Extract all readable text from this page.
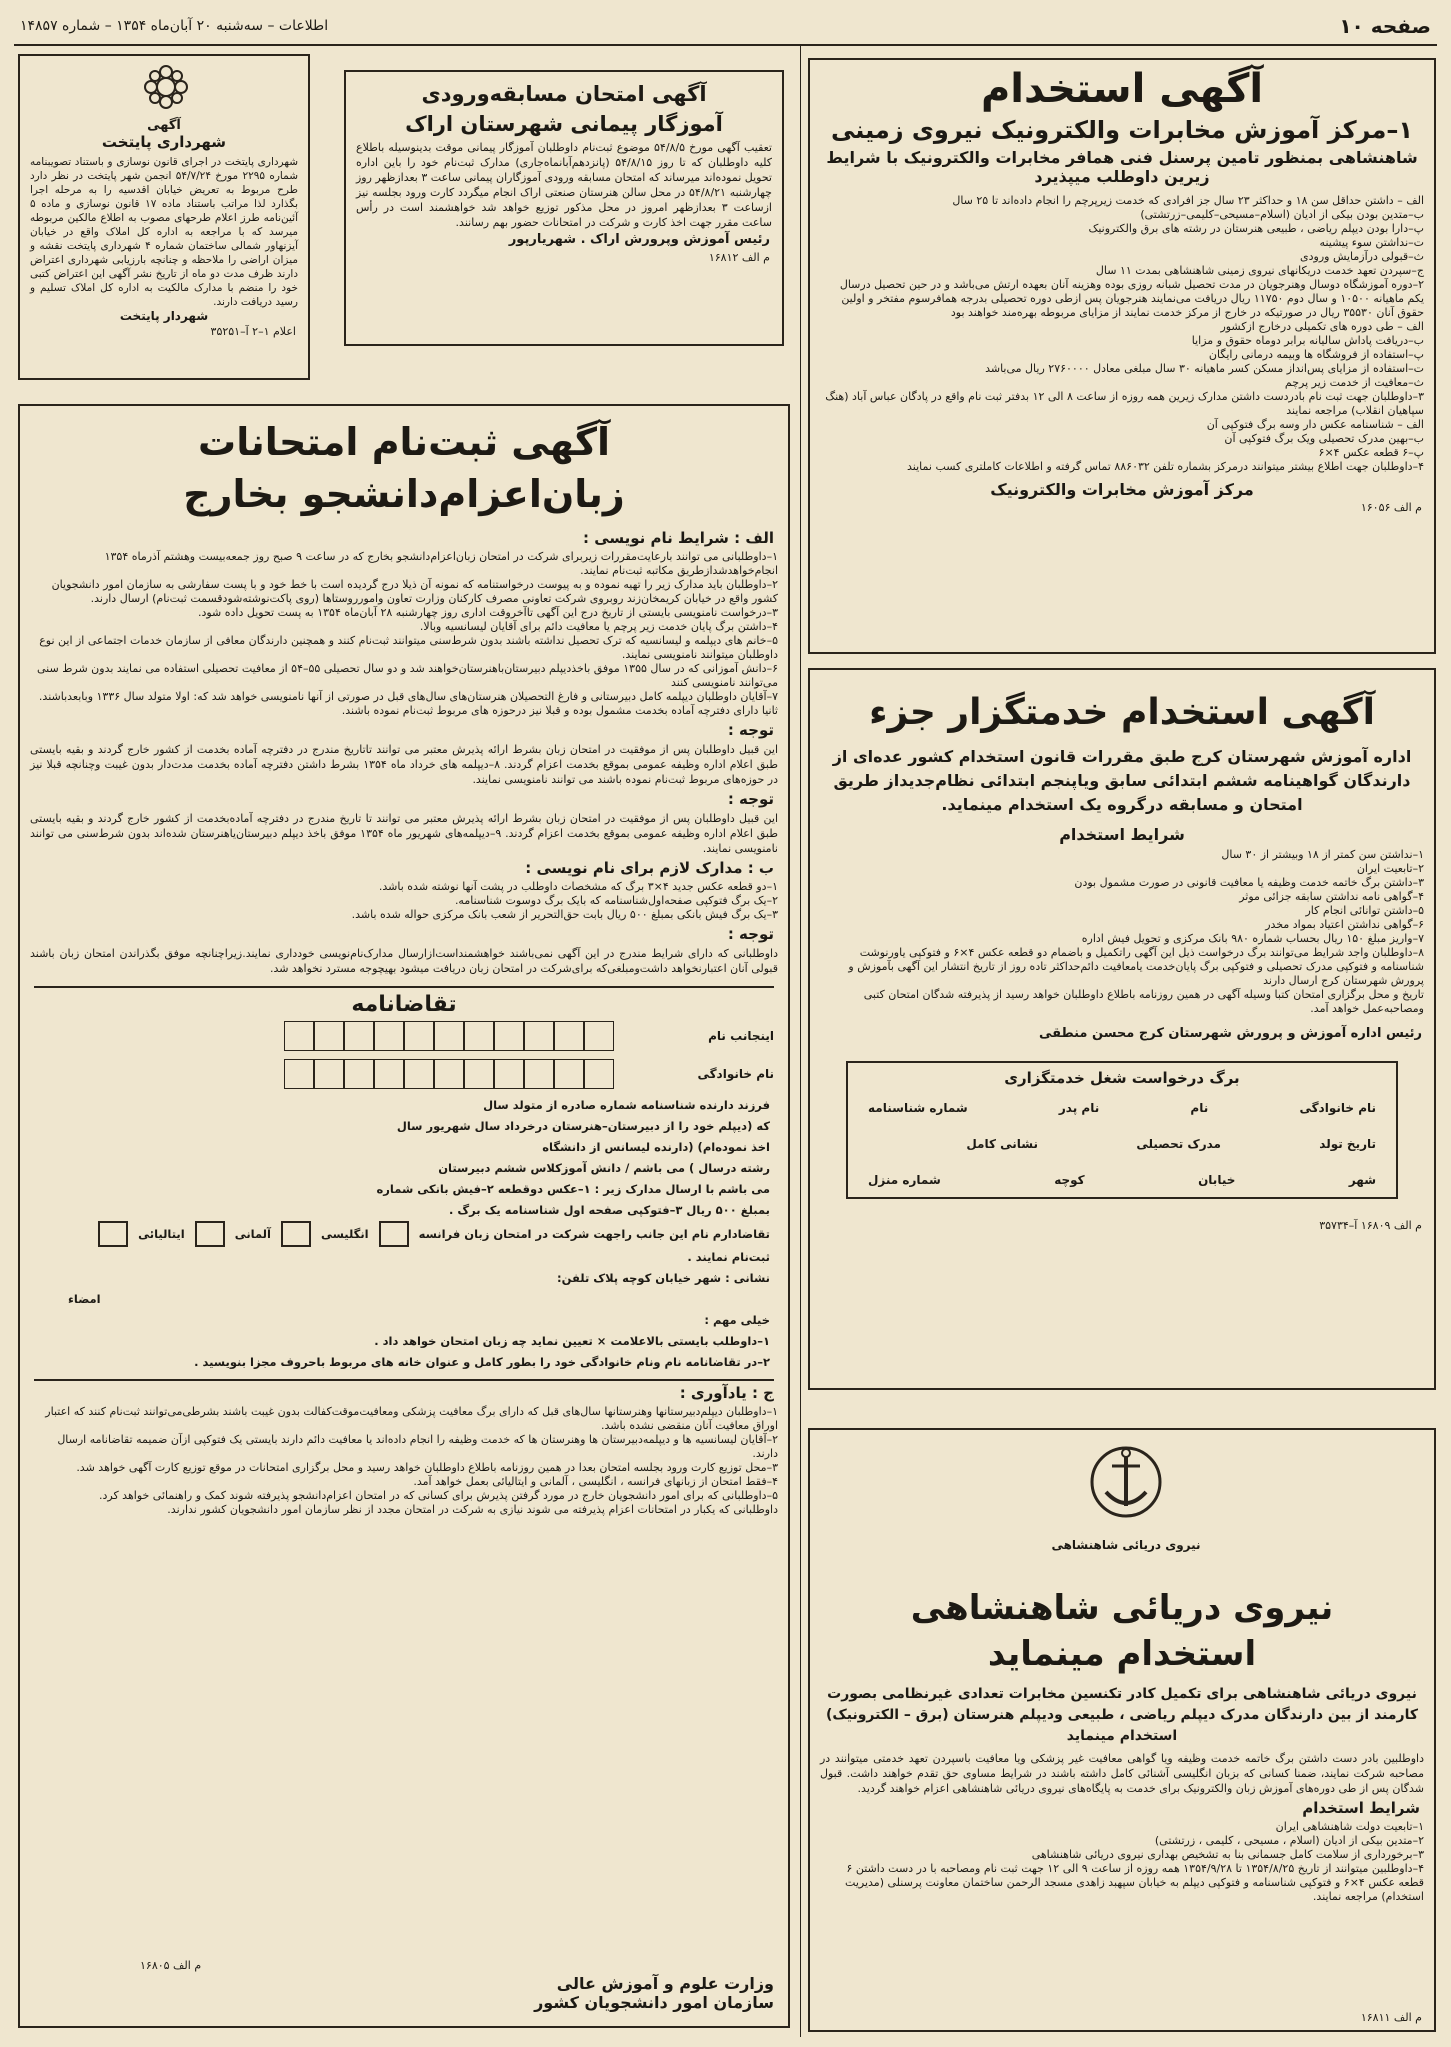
صفحه ۱۰
اطلاعات – سه‌شنبه ۲۰ آبان‌ماه ۱۳۵۴ – شماره ۱۴۸۵۷
آگهی استخدام
۱–مرکز آموزش مخابرات والکترونیک نیروی زمینی
شاهنشاهی بمنظور تامین پرسنل فنی هما‌فر مخابرات والکترونیک با شرایط زیرین داوطلب میپذیرد
الف – داشتن حداقل سن ۱۸ و حداکثر ۲۳ سال جز افرادی که خدمت زیرپرچم را انجام داده‌اند تا ۲۵ سال
ب–متدین بودن بیکی از ادیان (اسلام–مسیحی–کلیمی–زرتشتی)
پ–دارا بودن دیپلم ریاضی ، طبیعی هنرستان در رشته های برق والکترونیک
ت–نداشتن سوء پیشینه
ث–قبولی درآزمایش ورودی
ج–سپردن تعهد خدمت دریکانهای نیروی زمینی شاهنشاهی بمدت ۱۱ سال
۲–دوره آموزشگاه دوسال وهنرجویان در مدت تحصیل شبانه روزی بوده وهزینه آنان بعهده ارتش می‌باشد و در حین تحصیل درسال یکم ماهیانه ۱۰۵۰۰ و سال دوم ۱۱۷۵۰ ریال دریافت می‌نمایند هنرجویان پس ازطی دوره تحصیلی بدرجه هما‌فرسوم مفتخر و اولین حقوق آنان ۳۵۵۳۰ ریال در صورتیکه در خارج از مرکز خدمت نمایند از مزایای مربوطه بهره‌مند خواهند بود
الف – طی دوره های تکمیلی درخارج ازکشور
ب–دریافت پاداش سالیانه برابر دوماه حقوق و مزایا
پ–استفاده از فروشگاه ها وبیمه درمانی رایگان
ت–استفاده از مزایای پس‌انداز مسکن کسر ماهیانه ۳۰ سال مبلغی معادل ۲۷۶۰۰۰۰ ریال می‌باشد
ث–معافیت از خدمت زیر پرچم
۳–داوطلبان جهت ثبت نام بادردست داشتن مدارک زیرین همه روزه از ساعت ۸ الی ۱۲ بدفتر ثبت نام واقع در پادگان عباس آباد (هنگ سپاهیان انقلاب) مراجعه نمایند
الف – شناسنامه عکس دار وسه برگ فتوکپی آن
ب–بهین مدرک تحصیلی ویک برگ فتوکپی آن
پ–۶ قطعه عکس ۴×۶
۴–داوطلبان جهت اطلاع بیشتر میتوانند درمرکز بشماره تلفن ۸۸۶۰۳۲ تماس گرفته و اطلاعات کاملتری کسب نمایند
مرکز آموزش مخابرات والکترونیک
م الف ۱۶۰۵۶
آگهی استخدام خدمتگزار جزء
اداره آموزش شهرستان کرج طبق مقررات قانون استخدام کشور عده‌ای از دارندگان گواهینامه ششم ابتدائی سابق ویاپنجم ابتدائی نظام‌جدیداز طریق امتحان و مسابقه درگروه یک استخدام مینماید.
شرایط استخدام
۱–نداشتن سن کمتر از ۱۸ وبیشتر از ۳۰ سال
۲–تابعیت ایران
۳–داشتن برگ خاتمه خدمت وظیفه یا معافیت قانونی در صورت مشمول بودن
۴–گواهی نامه نداشتن سابقه جزائی موثر
۵–داشتن توانائی انجام کار
۶–گواهی نداشتن اعتیاد بمواد مخدر
۷–واریز مبلغ ۱۵۰ ریال بحساب شماره ۹۸۰ بانک مرکزی و تحویل فیش اداره
۸–داوطلبان واجد شرایط می‌توانند برگ درخواست ذیل این آگهی راتکمیل و باضمام دو قطعه عکس ۴×۶ و فتوکپی یاورنوشت شناسنامه و فتوکپی مدرک تحصیلی و فتوکپی برگ پایان‌خدمت یامعافیت دائم‌حداکثر تاده روز از تاریخ انتشار این آگهی بآموزش و پرورش شهرستان کرج ارسال دارند
تاریخ و محل برگزاری امتحان کتبا وسیله آگهی در همین روزنامه باطلاع داوطلبان خواهد رسید از پذیرفته شدگان امتحان کتبی ومصاحبه‌عمل خواهد آمد.
رئیس اداره آموزش و پرورش شهرستان کرج محسن منطقی
برگ درخواست شغل خدمتگزاری
نام خانوادگی
نام
نام پدر
شماره شناسنامه
تاریخ تولد
مدرک تحصیلی
نشانی کامل
شهر
خیابان
کوچه
شماره منزل
م الف ۱۶۸۰۹ آ–۳۵۷۳۴
نیروی دریائی شاهنشاهی
نیروی دریائی شاهنشاهی
استخدام مینماید
نیروی دریائی شاهنشاهی برای تکمیل کادر تکنسین مخابرات تعدادی غیرنظامی بصورت کارمند از بین دارندگان مدرک دیپلم ریاضی ، طبیعی ودیپلم هنرستان (برق – الکترونیک) استخدام مینماید
داوطلبین بادر دست داشتن برگ خاتمه خدمت وظیفه ویا گواهی معافیت غیر پزشکی ویا معافیت باسپردن تعهد خدمتی میتوانند در مصاحبه شرکت نمایند، ضمنا کسانی که بزبان انگلیسی آشنائی کامل داشته باشند در شرایط مساوی حق تقدم خواهند داشت. قبول شدگان پس از طی دوره‌های آموزش زبان والکترونیک برای خدمت به پایگاه‌های نیروی دریائی شاهنشاهی اعزام خواهند گردید.
شرایط استخدام
۱–تابعیت دولت شاهنشاهی ایران
۲–متدین بیکی از ادیان (اسلام ، مسیحی ، کلیمی ، زرتشتی)
۳–برخورداری از سلامت کامل جسمانی بنا به تشخیص بهداری نیروی دریائی شاهنشاهی
۴–داوطلبین میتوانند از تاریخ ۱۳۵۴/۸/۲۵ تا ۱۳۵۴/۹/۲۸ همه روزه از ساعت ۹ الی ۱۲ جهت ثبت نام ومصاحبه با در دست داشتن ۶ قطعه عکس ۴×۶ و فتوکپی شناسنامه و فتوکپی دیپلم به خیابان سپهبد زاهدی مسجد الرحمن ساختمان معاونت پرسنلی (مدیریت استخدام) مراجعه نمایند.
م الف ۱۶۸۱۱
آگهی امتحان مسابقه‌ورودی
آموزگار پیمانی شهرستان اراک
تعقیب آگهی مورخ ۵۴/۸/۵ موضوع ثبت‌نام داوطلبان آموزگار پیمانی موقت بدینوسیله باطلاع کلیه داوطلبان که تا روز ۵۴/۸/۱۵ (پانزدهم‌آبانماه‌جاری) مدارک ثبت‌نام خود را باین اداره تحویل نموده‌اند میرساند که امتحان مسابقه ورودی آموزگاران پیمانی ساعت ۳ بعدازظهر روز چهارشنبه ۵۴/۸/۲۱ در محل سالن هنرستان صنعتی اراک انجام میگردد کارت ورود بجلسه نیز ازساعت ۳ بعدازظهر امروز در محل مذکور توزیع خواهد شد خواهشمند است در رأس ساعت مقرر جهت اخذ کارت و شرکت در امتحانات حضور بهم رسانند.
رئیس آموزش وپرورش اراک . شهریارپور
م الف ۱۶۸۱۲
آگهی
شهرداری پایتخت
شهرداری پایتخت در اجرای قانون نوسازی و باستناد تصویبنامه شماره ۲۲۹۵ مورخ ۵۴/۷/۲۴ انجمن شهر پایتخت در نظر دارد طرح مربوط به تعریض خیابان اقدسیه را به مرحله اجرا بگذارد لذا مراتب باستناد ماده ۱۷ قانون نوسازی و ماده ۵ آئین‌نامه طرز اعلام طرحهای مصوب به اطلاع مالکین مربوطه میرسد که با مراجعه به اداره کل املاک واقع در خیابان آیزنهاور شمالی ساختمان شماره ۴ شهرداری پایتخت نقشه و میزان اراضی را ملاحظه و چنانچه بارزیابی شهرداری اعتراض دارند ظرف مدت دو ماه از تاریخ نشر آگهی این اعتراض کتبی خود را منضم با مدارک مالکیت به اداره کل املاک تسلیم و رسید دریافت دارند.
شهردار پایتخت
اعلام ۱–۲ آ–۳۵۲۵۱
آگهی ثبت‌نام امتحانات
زبان‌اعزام‌دانشجو بخارج
الف : شرایط نام نویسی :
۱–داوطلبانی می توانند بارعایت‌مقررات زیربرای شرکت در امتحان زبان‌اعزام‌دانشجو بخارج که در ساعت ۹ صبح روز جمعه‌بیست وهشتم آذرماه ۱۳۵۴ انجام‌خواهد‌شد‌ازطریق مکاتبه ثبت‌نام نمایند.
۲–داوطلبان باید مدارک زیر را تهیه نموده و به پیوست درخواستنامه که نمونه آن ذیلا درج گردیده است با خط خود و با پست سفارشی به سازمان امور دانشجویان کشور واقع در خیابان کریمخان‌زند روبروی شرکت تعاونی مصرف کارکنان وزارت تعاون وامورروستاها (روی پاکت‌نوشته‌شود‌قسمت ثبت‌نام) ارسال دارند.
۳–درخواست نامنویسی بایستی از تاریخ درج این آگهی تاآخروقت اداری روز چهارشنبه ۲۸ آبان‌ماه ۱۳۵۴ به پست تحویل داده شود.
۴–داشتن برگ پایان خدمت زیر پرچم یا معافیت دائم برای آقایان لیسانسیه وبالا.
۵–خانم های دیپلمه و لیسانسیه که ترک تحصیل نداشته باشند بدون شرط‌سنی میتوانند ثبت‌نام کنند و همچنین دارندگان معافی از سازمان خدمات اجتماعی از این نوع داوطلبان میتوانند نامنویسی نمایند.
۶–دانش آموزانی که در سال ۱۳۵۵ موفق باخذدیپلم دبیرستان‌باهنرستان‌خواهند شد و دو سال تحصیلی ۵۵–۵۴ از معافیت تحصیلی استفاده می نمایند بدون شرط سنی می‌توانند نامنویسی کنند
۷–آقایان داوطلبان دیپلمه کامل دبیرستانی و فارغ التحصیلان هنرستان‌های سال‌های قبل در صورتی از آنها نامنویسی خواهد شد که: اولا متولد سال ۱۳۳۶ وبابعد‌باشند. ثانیا دارای دفترچه آماده بخدمت مشمول بوده و قبلا نیز درحوزه های مربوط ثبت‌نام نموده باشند.
توجه :
این قبیل داوطلبان پس از موفقیت در امتحان زبان بشرط ارائه پذیرش معتبر می توانند تاتاریخ مندرج در دفترچه آماده بخدمت از کشور خارج گردند و بقیه بایستی طبق اعلام اداره وظیفه عمومی بموقع بخدمت اعزام گردند. ۸–دیپلمه های خرداد ماه ۱۳۵۴ بشرط داشتن دفترچه آماده بخدمت مدت‌دار بدون غیبت وچنانچه قبلا نیز در حوزه‌های مربوط ثبت‌نام نموده باشند می توانند نامنویسی نمایند.
توجه :
این قبیل داوطلبان پس از موفقیت در امتحان زبان بشرط ارائه پذیرش معتبر می توانند تا تاریخ مندرج در دفترچه آماده‌بخدمت از کشور خارج گردند و بقیه بایستی طبق اعلام اداره وظیفه عمومی بموقع بخدمت اعزام گردند. ۹–دیپلمه‌های شهریور ماه ۱۳۵۴ موفق باخذ دیپلم دبیرستان‌یاهنرستان شده‌اند بدون شرط‌سنی می توانند نامنویسی نمایند.
ب : مدارک لازم برای نام نویسی :
۱–دو قطعه عکس جدید ۴×۳ برگ که مشخصات داوطلب در پشت آنها نوشته شده باشد.
۲–یک برگ فتوکپی صفحه‌اول‌شناسنامه که بایک برگ دوسوت شناسنامه.
۳–یک برگ فیش بانکی بمبلغ ۵۰۰ ریال بابت حق‌التحریر از شعب بانک مرکزی حواله شده باشد.
توجه :
داوطلبانی که دارای شرایط مندرج در این آگهی نمی‌باشند خواهشمند‌است‌ازارسال مدارک‌نام‌نویسی خودداری نمایند.زیراچنانچه موفق بگذراندن امتحان زبان باشند قبولی آنان اعتبارنخواهد داشت‌ومبلغی‌که برای‌شرکت در امتحان زبان دریافت میشود بهیچوجه مسترد نخواهد شد.
تقاضانامه
اینجانب نام
نام خانوادگی
فرزند دارنده شناسنامه شماره صادره از متولد سال
که (دیپلم خود را از دبیرستان–هنرستان درخرداد سال شهریور سال
اخذ نموده‌ام) (دارنده لیسانس از دانشگاه
رشته درسال ) می باشم / دانش آموزکلاس ششم دبیرستان
می باشم با ارسال مدارک زیر : ۱–عکس دوقطعه ۲–فیش بانکی شماره
بمبلغ ۵۰۰ ریال ۳–فتوکپی صفحه اول شناسنامه یک برگ .
تقاضا‌دارم نام این جانب راجهت شرکت در امتحان زبان فرانسه
انگلیسی
آلمانی
ایتالیائی
ثبت‌نام نمایند .
نشانی : شهر خیابان کوچه پلاک تلفن:
امضاء
خیلی مهم :
۱–داوطلب بایستی بالاعلامت × تعیین نماید چه زبان امتحان خواهد داد .
۲–در تقاضانامه نام ونام خانوادگی خود را بطور کامل و عنوان خانه های مربوط باحروف مجزا بنویسید .
ج : یادآوری :
۱–داوطلبان دیپلم‌دبیرستانها وهنرستانها سال‌های قبل که دارای برگ معافیت پزشکی ومعافیت‌موقت‌کفالت بدون غیبت باشند بشرطی‌می‌توانند ثبت‌نام کنند که اعتبار اوراق معافیت آنان منقضی نشده باشد.
۲–آقایان لیسانسیه ها و دیپلمه‌دبیرستان ها وهنرستان ها که خدمت وظیفه را انجام داده‌اند یا معافیت دائم دارند بایستی یک فتوکپی ازآن ضمیمه تقاضانامه ارسال دارند.
۳–محل توزیع کارت ورود بجلسه امتحان بعدا در همین روزنامه باطلاع داوطلبان خواهد رسید و محل برگزاری امتحانات در موقع توزیع کارت آگهی خواهد شد.
۴–فقط امتحان از زبانهای فرانسه ، انگلیسی ، آلمانی و ایتالیائی بعمل خواهد آمد.
۵–داوطلبانی که برای امور دانشجویان خارج در مورد گرفتن پذیرش برای کسانی که در امتحان اعزام‌دانشجو پذیرفته شوند کمک و راهنمائی خواهد کرد.
داوطلبانی که یکبار در امتحانات اعزام پذیرفته می شوند نیازی به شرکت در امتحان مجدد از نظر سازمان امور دانشجویان کشور ندارند.
وزارت علوم و آموزش عالی
سازمان امور دانشجویان کشور
م الف ۱۶۸۰۵
